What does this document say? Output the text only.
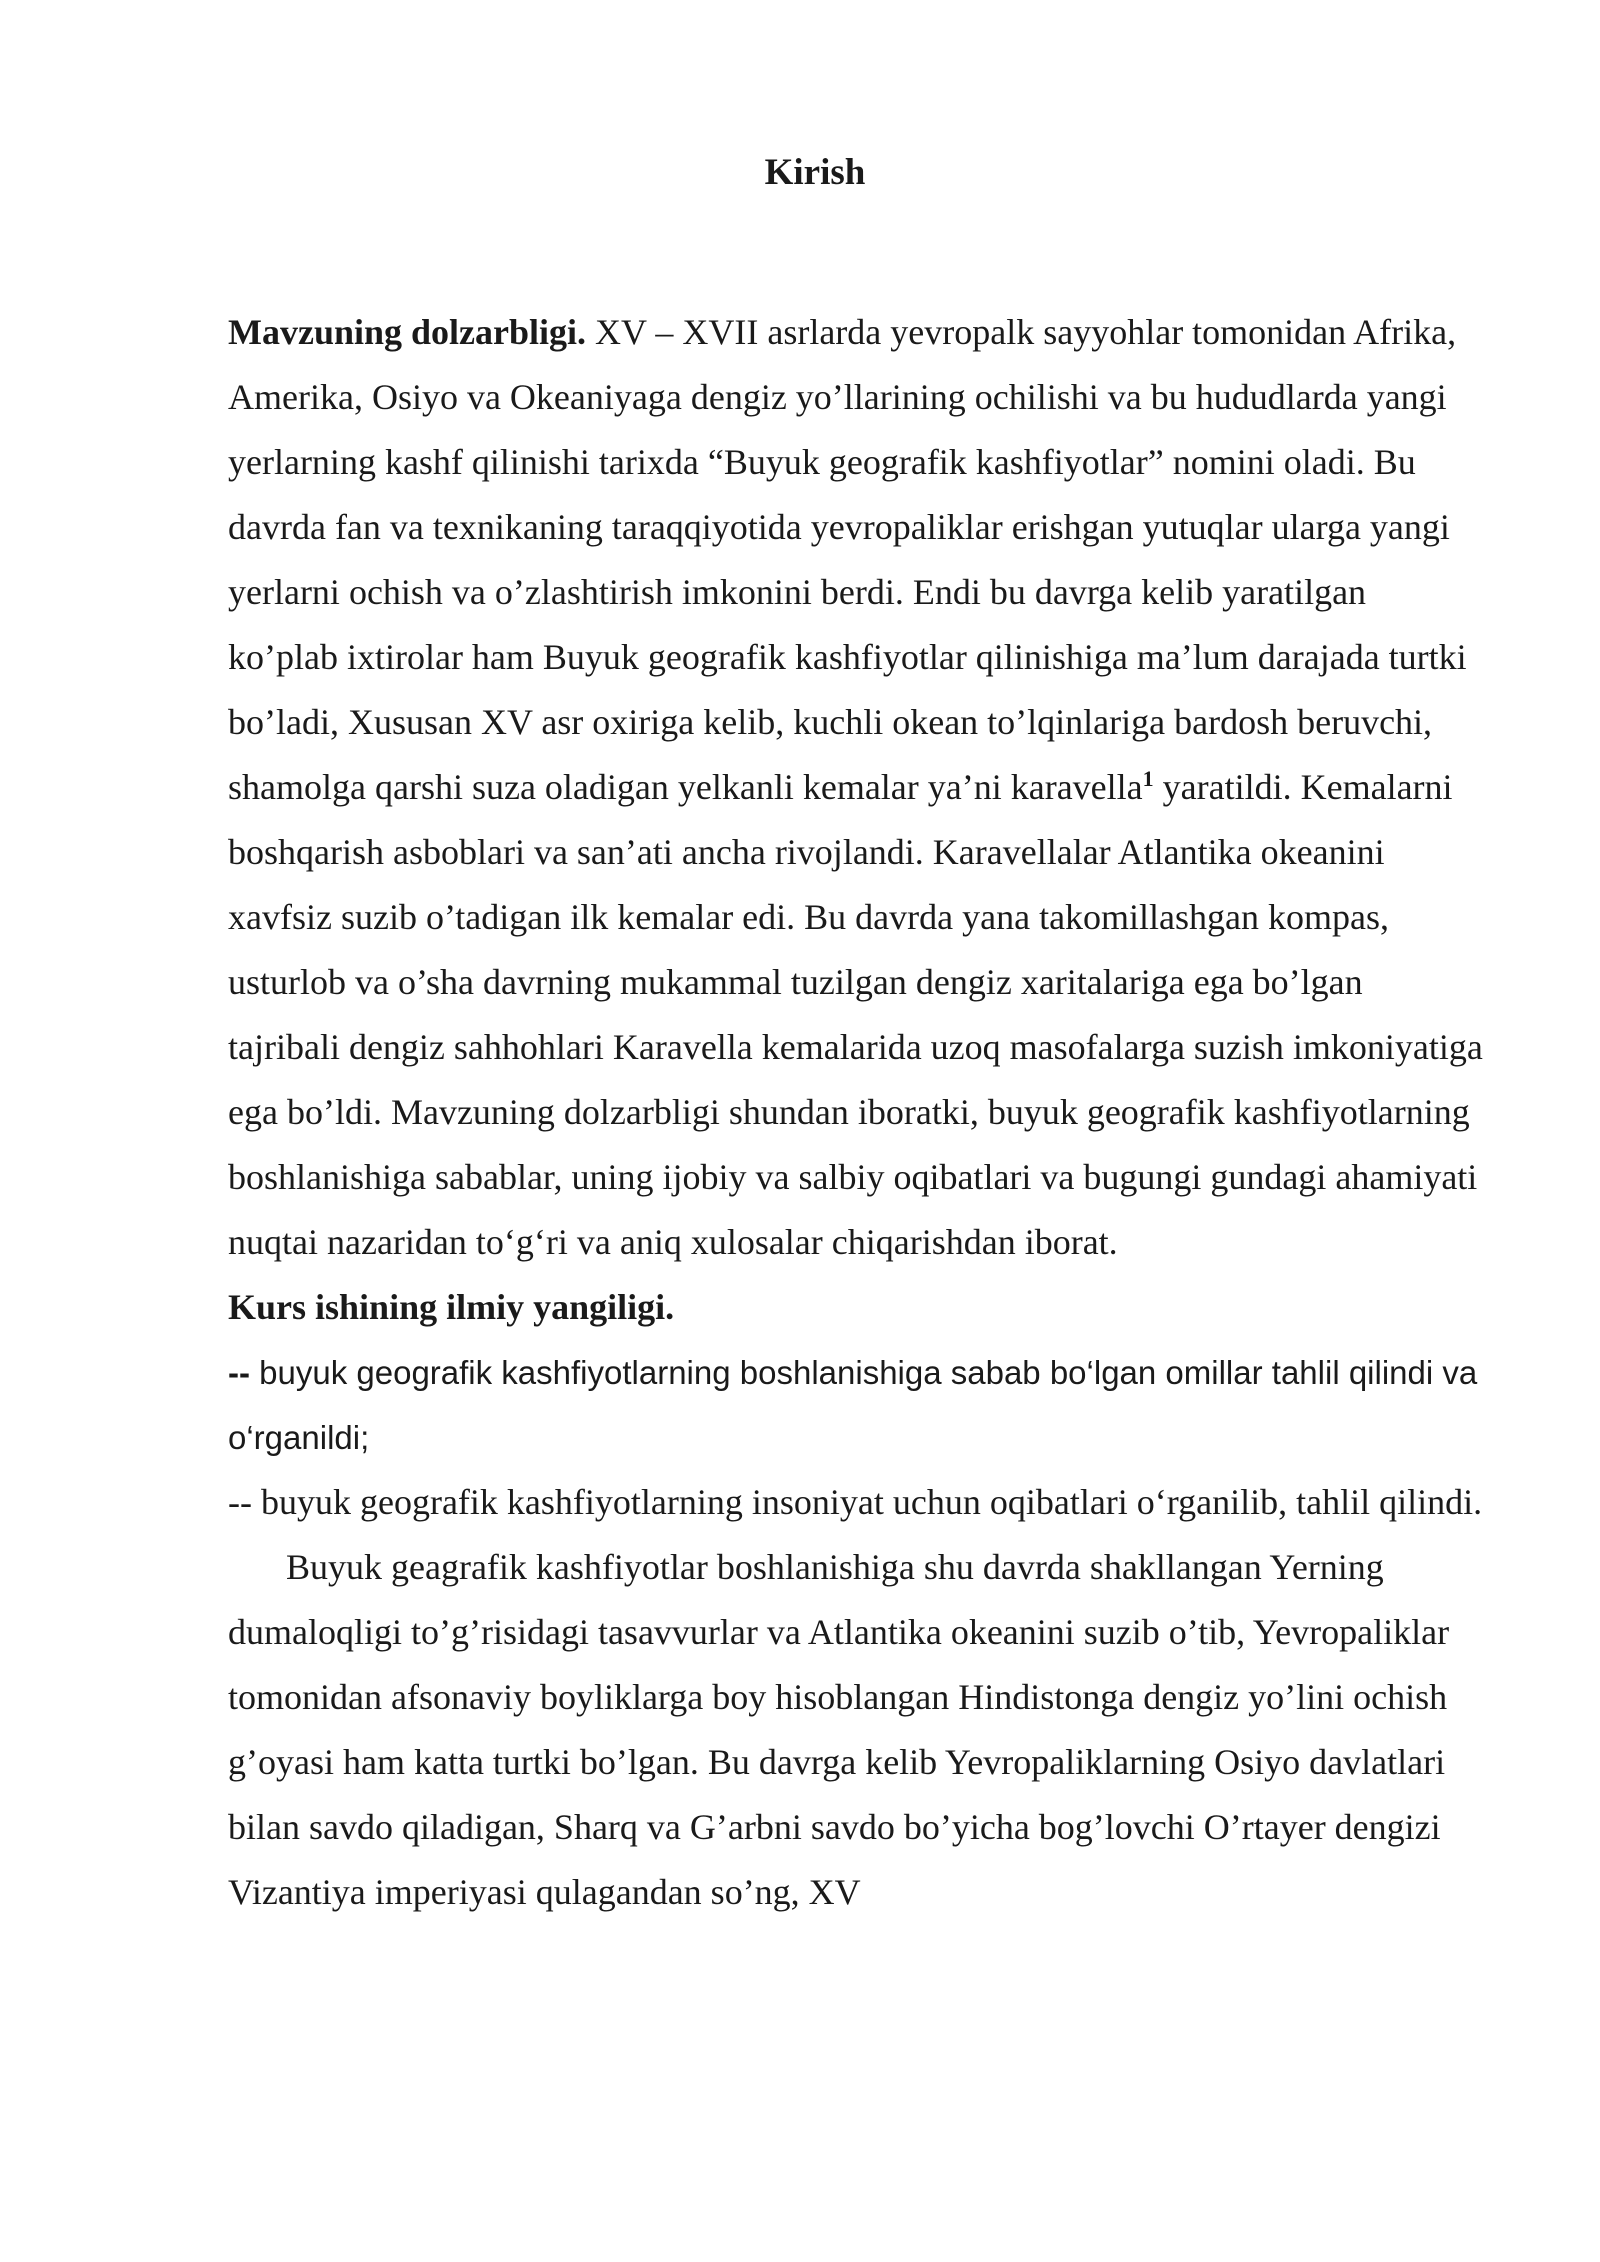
Kirish

Mavzuning dolzarbligi. XV – XVII asrlarda yevropalk sayyohlar tomonidan Afrika, Amerika, Osiyo va Okeaniyaga dengiz yo’llarining ochilishi va bu hududlarda yangi yerlarning kashf qilinishi tarixda “Buyuk geografik kashfiyotlar” nomini oladi. Bu davrda fan va texnikaning taraqqiyotida yevropaliklar erishgan yutuqlar ularga yangi yerlarni ochish va o’zlashtirish imkonini berdi. Endi bu davrga kelib yaratilgan ko’plab ixtirolar ham Buyuk geografik kashfiyotlar qilinishiga ma’lum darajada turtki bo’ladi, Xususan XV asr oxiriga kelib, kuchli okean to’lqinlariga bardosh beruvchi, shamolga qarshi suza oladigan yelkanli kemalar ya’ni karavella$^1$ yaratildi. Kemalarni boshqarish asboblari va san’ati ancha rivojlandi. Karavellalar Atlantika okeanini xavfsiz suzib o’tadigan ilk kemalar edi. Bu davrda yana takomillashgan kompas, usturlob va o’sha davrning mukammal tuzilgan dengiz xaritalariga ega bo’lgan tajribali dengiz sahhohlari Karavella kemalarida uzoq masofalarga suzish imkoniyatiga ega bo’ldi. Mavzuning dolzarbligi shundan iboratki, buyuk geografik kashfiyotlarning boshlanishiga sabablar, uning ijobiy va salbiy oqibatlari va bugungi gundagi ahamiyati nuqtai nazaridan to‘g‘ri va aniq xulosalar chiqarishdan iborat.

Kurs ishining ilmiy yangiligi.

-- buyuk geografik kashfiyotlarning boshlanishiga sabab bo‘lgan omillar tahlil qilindi va o‘rganildi;

-- buyuk geografik kashfiyotlarning insoniyat uchun oqibatlari o‘rganilib, tahlil qilindi.

Buyuk geagrafik kashfiyotlar boshlanishiga shu davrda shakllangan Yerning dumaloqligi to’g’risidagi tasavvurlar va Atlantika okeanini suzib o’tib, Yevropaliklar tomonidan afsonaviy boyliklarga boy hisoblangan Hindistonga dengiz yo’lini ochish g’oyasi ham katta turtki bo’lgan. Bu davrga kelib Yevropaliklarning Osiyo davlatlari bilan savdo qiladigan, Sharq va G’arbni savdo bo’yicha bog’lovchi O’rtayer dengizi Vizantiya imperiyasi qulagandan so’ng, XV
